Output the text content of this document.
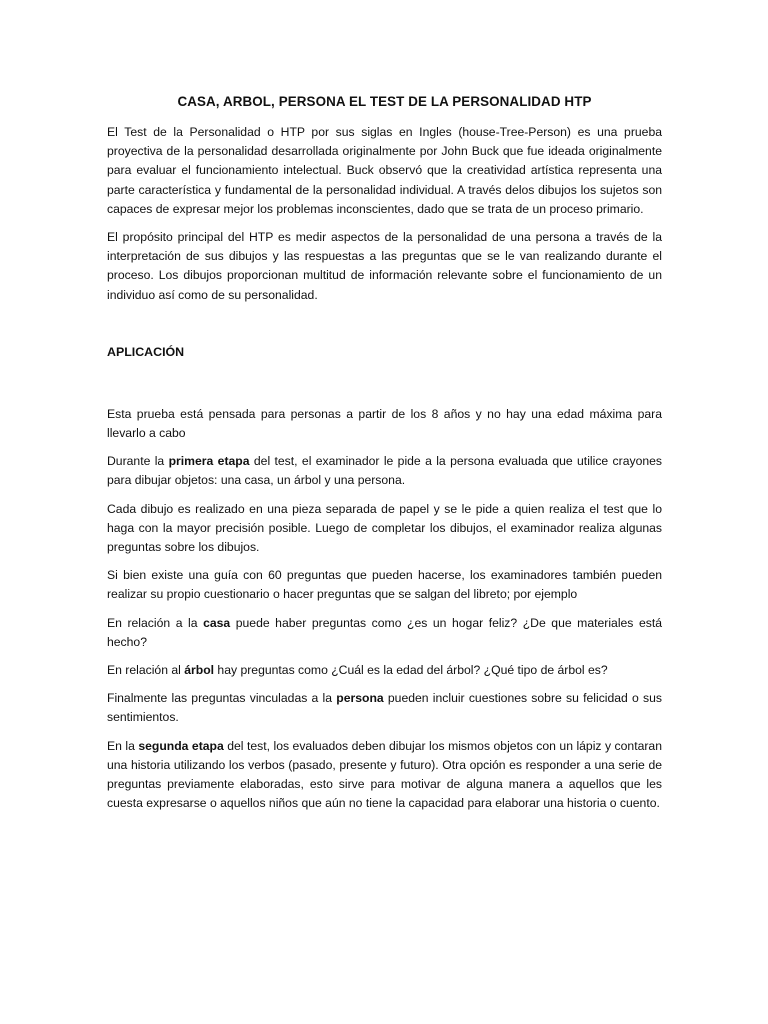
CASA, ARBOL, PERSONA EL TEST DE LA PERSONALIDAD HTP

El Test de la Personalidad o HTP por sus siglas en Ingles (house-Tree-Person) es una prueba proyectiva de la personalidad desarrollada originalmente por John Buck que fue ideada originalmente para evaluar el funcionamiento intelectual. Buck observó que la creatividad artística representa una parte característica y fundamental de la personalidad individual. A través delos dibujos los sujetos son capaces de expresar mejor los problemas inconscientes, dado que se trata de un proceso primario.

El propósito principal del HTP es medir aspectos de la personalidad de una persona a través de la interpretación de sus dibujos y las respuestas a las preguntas que se le van realizando durante el proceso. Los dibujos proporcionan multitud de información relevante sobre el funcionamiento de un individuo así como de su personalidad.

APLICACIÓN

Esta prueba está pensada para personas a partir de los 8 años y no hay una edad máxima para llevarlo a cabo

Durante la primera etapa del test, el examinador le pide a la persona evaluada que utilice crayones para dibujar objetos: una casa, un árbol y una persona.

Cada dibujo es realizado en una pieza separada de papel y se le pide a quien realiza el test que lo haga con la mayor precisión posible. Luego de completar los dibujos, el examinador realiza algunas preguntas sobre los dibujos.

Si bien existe una guía con 60 preguntas que pueden hacerse, los examinadores también pueden realizar su propio cuestionario o hacer preguntas que se salgan del libreto; por ejemplo

En relación a la casa puede haber preguntas como ¿es un hogar feliz? ¿De que materiales está hecho?

En relación al árbol hay preguntas como ¿Cuál es la edad del árbol? ¿Qué tipo de árbol es?

Finalmente las preguntas vinculadas a la persona pueden incluir cuestiones sobre su felicidad o sus sentimientos.

En la segunda etapa del test, los evaluados deben dibujar los mismos objetos con un lápiz y contaran una historia utilizando los verbos (pasado, presente y futuro). Otra opción es responder a una serie de preguntas previamente elaboradas, esto sirve para motivar de alguna manera a aquellos que les cuesta expresarse o aquellos niños que aún no tiene la capacidad para elaborar una historia o cuento.
